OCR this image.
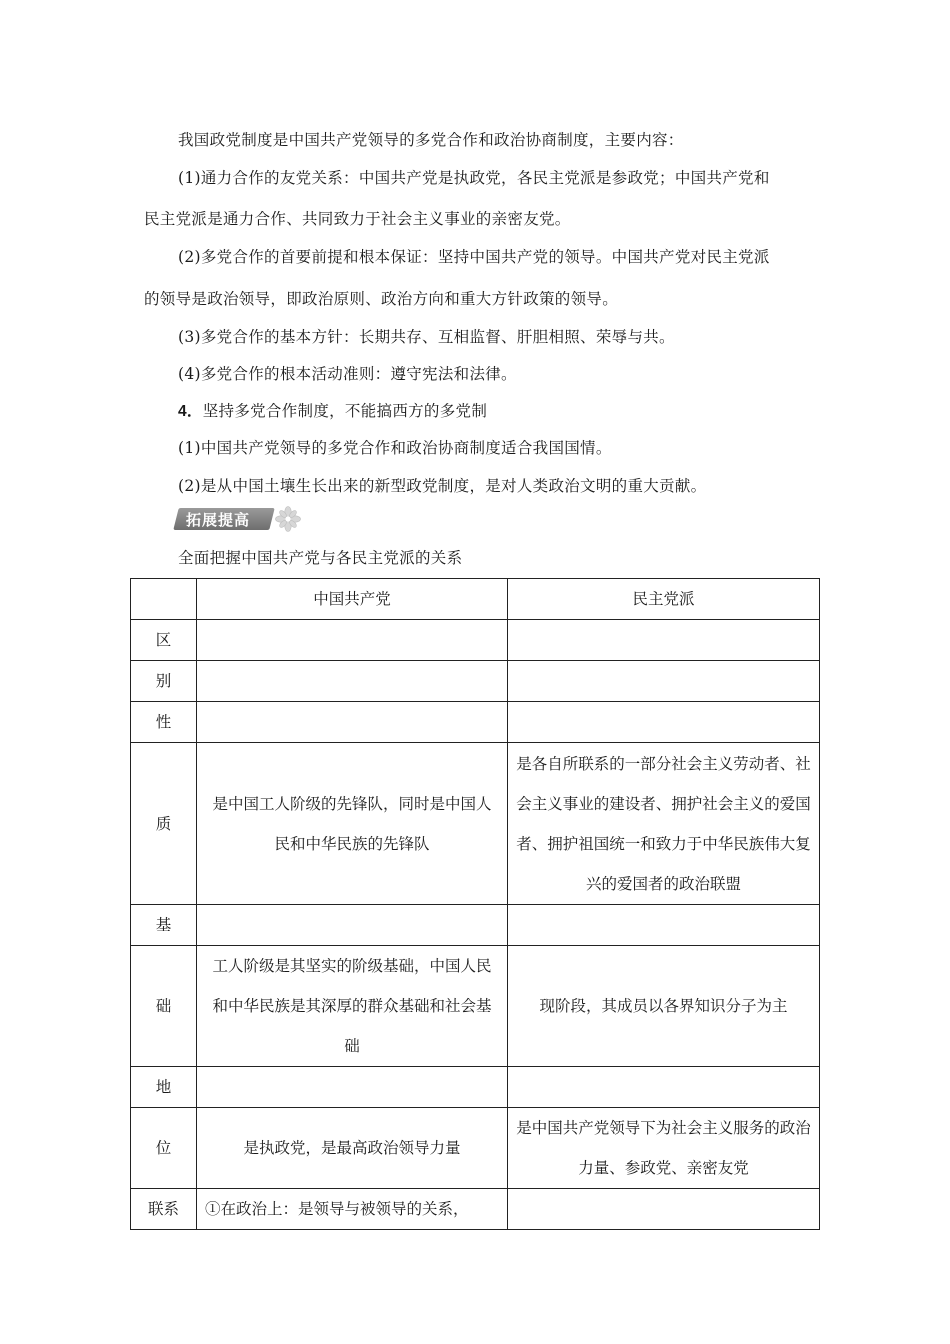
我国政党制度是中国共产党领导的多党合作和政治协商制度，主要内容：
(1)通力合作的友党关系：中国共产党是执政党，各民主党派是参政党；中国共产党和
民主党派是通力合作、共同致力于社会主义事业的亲密友党。
(2)多党合作的首要前提和根本保证：坚持中国共产党的领导。中国共产党对民主党派
的领导是政治领导，即政治原则、政治方向和重大方针政策的领导。
(3)多党合作的基本方针：长期共存、互相监督、肝胆相照、荣辱与共。
(4)多党合作的根本活动准则：遵守宪法和法律。
4．坚持多党合作制度，不能搞西方的多党制
(1)中国共产党领导的多党合作和政治协商制度适合我国国情。
(2)是从中国土壤生长出来的新型政党制度，是对人类政治文明的重大贡献。
拓展提高
全面把握中国共产党与各民主党派的关系
	中国共产党	民主党派
区		
别		
性		
质	是中国工人阶级的先锋队，同时是中国人民和中华民族的先锋队	是各自所联系的一部分社会主义劳动者、社会主义事业的建设者、拥护社会主义的爱国者、拥护祖国统一和致力于中华民族伟大复兴的爱国者的政治联盟
基		
础	工人阶级是其坚实的阶级基础，中国人民和中华民族是其深厚的群众基础和社会基础	现阶段，其成员以各界知识分子为主
地		
位	是执政党，是最高政治领导力量	是中国共产党领导下为社会主义服务的政治力量、参政党、亲密友党
联系	①在政治上：是领导与被领导的关系，	
